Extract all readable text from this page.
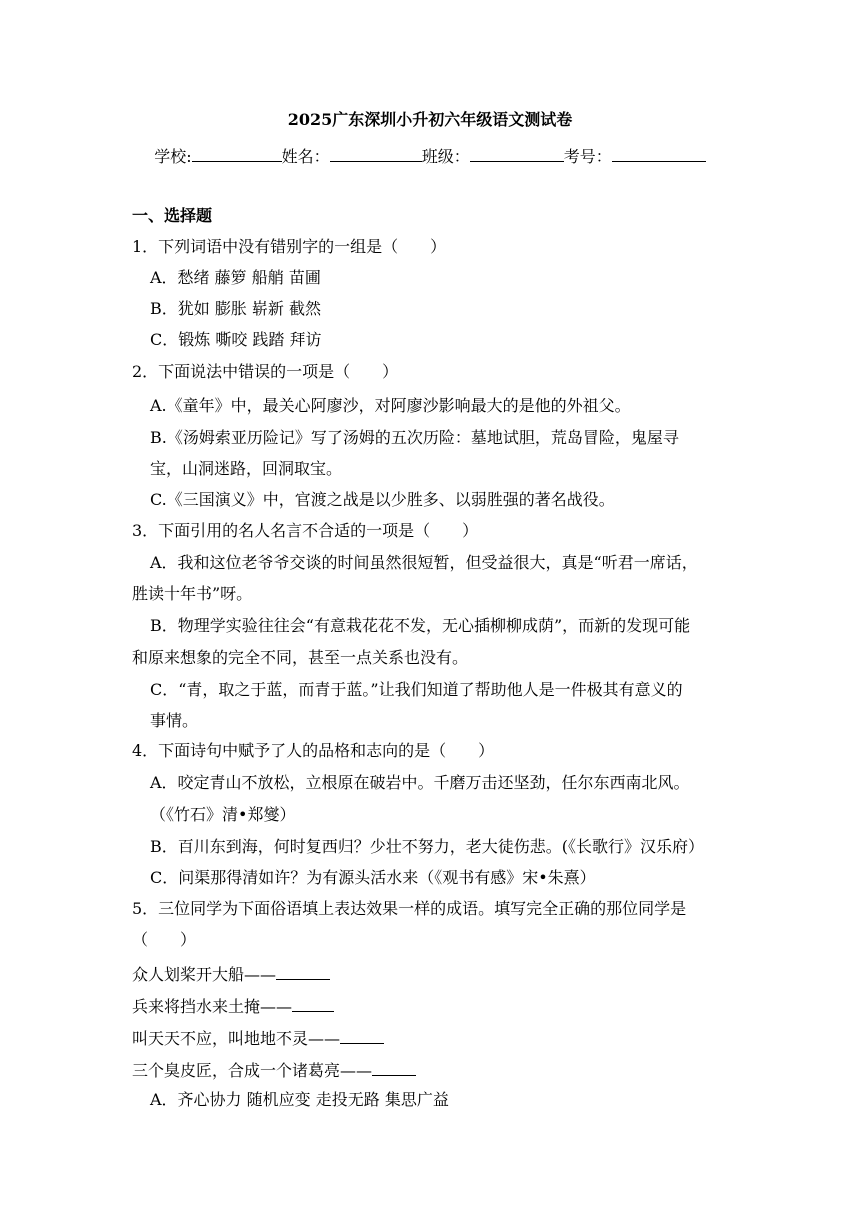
2025广东深圳小升初六年级语文测试卷
学校:	姓名：	班级：	考号：
一、选择题
1．下列词语中没有错别字的一组是（　　）
A．愁绪 藤箩 船艄 苗圃
B．犹如 膨胀 崭新 截然
C．锻炼 嘶咬 践踏 拜访
2．下面说法中错误的一项是（　　）
A.《童年》中，最关心阿廖沙，对阿廖沙影响最大的是他的外祖父。
B.《汤姆索亚历险记》写了汤姆的五次历险：墓地试胆，荒岛冒险，鬼屋寻
宝，山洞迷路，回洞取宝。
C.《三国演义》中，官渡之战是以少胜多、以弱胜强的著名战役。
3．下面引用的名人名言不合适的一项是（　　）
A．我和这位老爷爷交谈的时间虽然很短暂，但受益很大，真是“听君一席话，
胜读十年书”呀。
B．物理学实验往往会“有意栽花花不发，无心插柳柳成荫”，而新的发现可能
和原来想象的完全不同，甚至一点关系也没有。
C．“青，取之于蓝，而青于蓝。”让我们知道了帮助他人是一件极其有意义的
事情。
4．下面诗句中赋予了人的品格和志向的是（　　）
A．咬定青山不放松，立根原在破岩中。千磨万击还坚劲，任尔东西南北风。
（《竹石》清•郑燮）
B．百川东到海，何时复西归？少壮不努力，老大徒伤悲。(《长歌行》汉乐府）
C．问渠那得清如许？为有源头活水来（《观书有感》宋•朱熹）
5．三位同学为下面俗语填上表达效果一样的成语。填写完全正确的那位同学是
（　　）
众人划桨开大船——
兵来将挡水来土掩——
叫天天不应，叫地地不灵——
三个臭皮匠，合成一个诸葛亮——
A．齐心协力 随机应变 走投无路 集思广益
